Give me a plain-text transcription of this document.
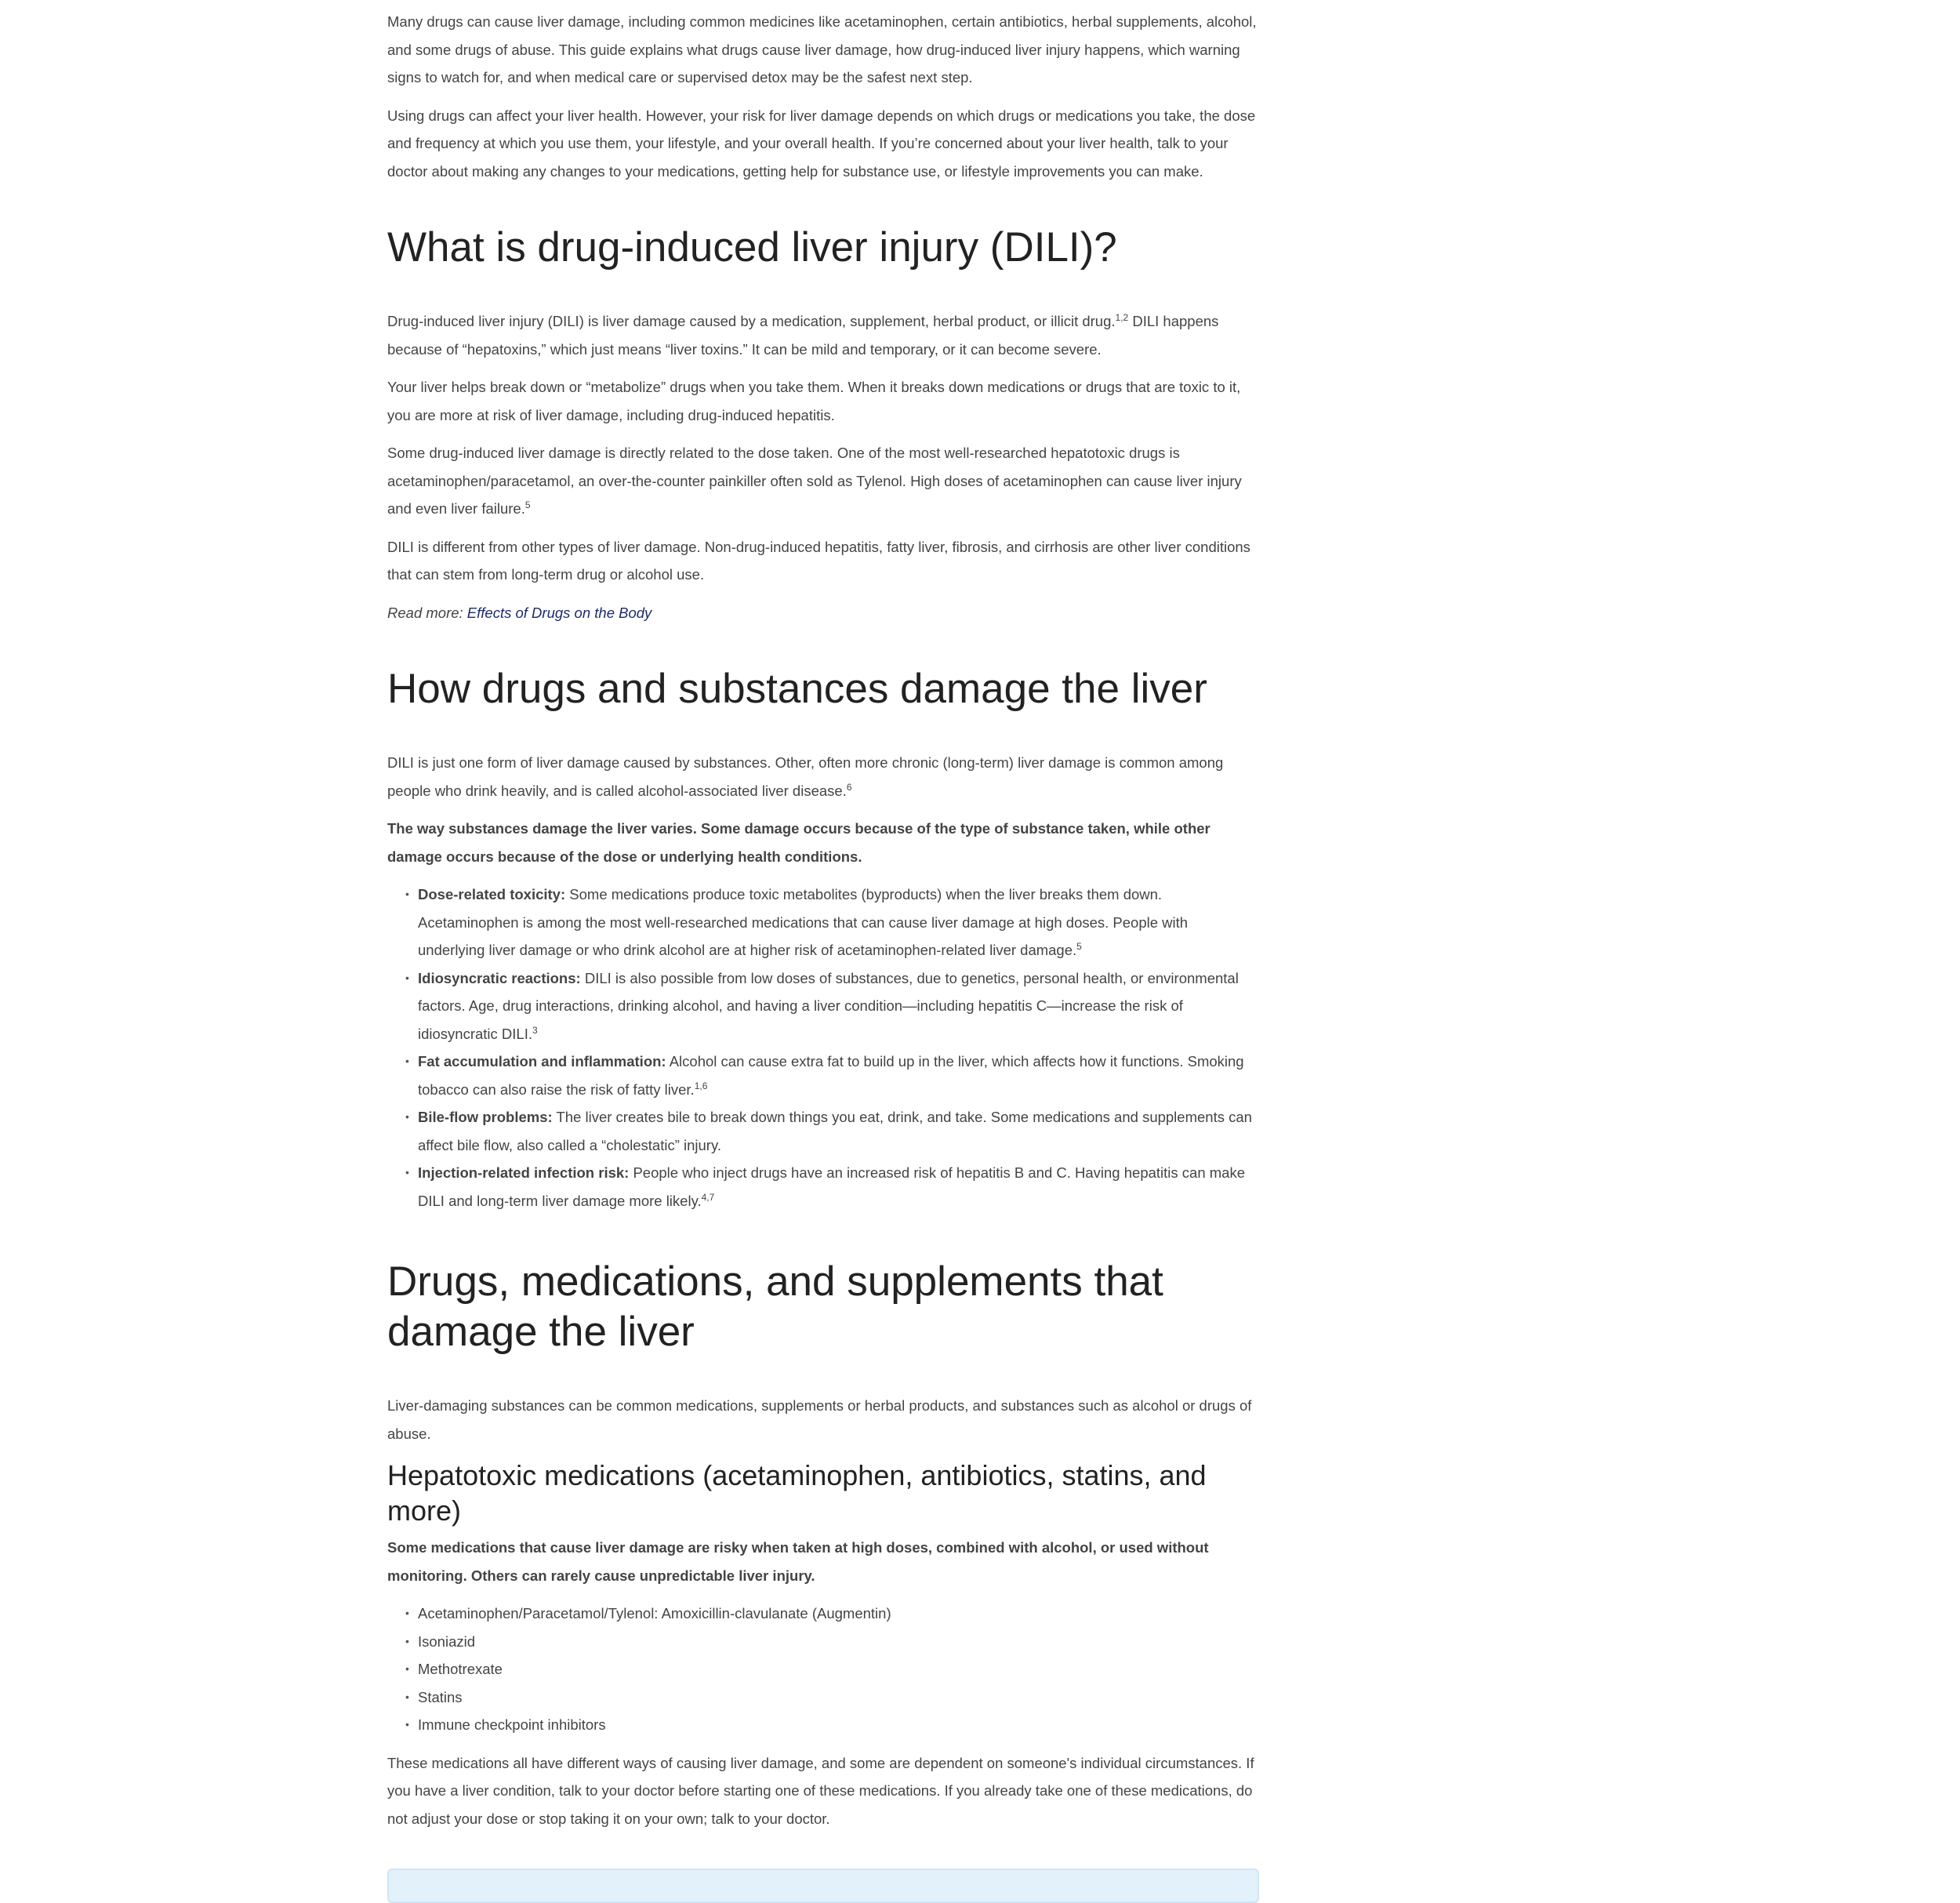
Many drugs can cause liver damage, including common medicines like acetaminophen, certain antibiotics, herbal supplements, alcohol, and some drugs of abuse. This guide explains what drugs cause liver damage, how drug-induced liver injury happens, which warning signs to watch for, and when medical care or supervised detox may be the safest next step.

Using drugs can affect your liver health. However, your risk for liver damage depends on which drugs or medications you take, the dose and frequency at which you use them, your lifestyle, and your overall health. If you’re concerned about your liver health, talk to your doctor about making any changes to your medications, getting help for substance use, or lifestyle improvements you can make.

What is drug-induced liver injury (DILI)?

Drug-induced liver injury (DILI) is liver damage caused by a medication, supplement, herbal product, or illicit drug.$^{1,2}$ DILI happens because of “hepatoxins,” which just means “liver toxins.” It can be mild and temporary, or it can become severe.

Your liver helps break down or “metabolize” drugs when you take them. When it breaks down medications or drugs that are toxic to it, you are more at risk of liver damage, including drug-induced hepatitis.

Some drug-induced liver damage is directly related to the dose taken. One of the most well-researched hepatotoxic drugs is acetaminophen/paracetamol, an over-the-counter painkiller often sold as Tylenol. High doses of acetaminophen can cause liver injury and even liver failure.$^5$

DILI is different from other types of liver damage. Non-drug-induced hepatitis, fatty liver, fibrosis, and cirrhosis are other liver conditions that can stem from long-term drug or alcohol use.

Read more: Effects of Drugs on the Body

How drugs and substances damage the liver

DILI is just one form of liver damage caused by substances. Other, often more chronic (long-term) liver damage is common among people who drink heavily, and is called alcohol-associated liver disease.$^6$

The way substances damage the liver varies. Some damage occurs because of the type of substance taken, while other damage occurs because of the dose or underlying health conditions.

• Dose-related toxicity: Some medications produce toxic metabolites (byproducts) when the liver breaks them down. Acetaminophen is among the most well-researched medications that can cause liver damage at high doses. People with underlying liver damage or who drink alcohol are at higher risk of acetaminophen-related liver damage.$^5$
• Idiosyncratic reactions: DILI is also possible from low doses of substances, due to genetics, personal health, or environmental factors. Age, drug interactions, drinking alcohol, and having a liver condition—including hepatitis C—increase the risk of idiosyncratic DILI.$^3$
• Fat accumulation and inflammation: Alcohol can cause extra fat to build up in the liver, which affects how it functions. Smoking tobacco can also raise the risk of fatty liver.$^{1,6}$
• Bile-flow problems: The liver creates bile to break down things you eat, drink, and take. Some medications and supplements can affect bile flow, also called a “cholestatic” injury.
• Injection-related infection risk: People who inject drugs have an increased risk of hepatitis B and C. Having hepatitis can make DILI and long-term liver damage more likely.$^{4,7}$
Drugs, medications, and supplements that damage the liver

Liver-damaging substances can be common medications, supplements or herbal products, and substances such as alcohol or drugs of abuse.

Hepatotoxic medications (acetaminophen, antibiotics, statins, and more)

Some medications that cause liver damage are risky when taken at high doses, combined with alcohol, or used without monitoring. Others can rarely cause unpredictable liver injury.

• Acetaminophen/Paracetamol/Tylenol: Amoxicillin-clavulanate (Augmentin)
• Isoniazid
• Methotrexate
• Statins
• Immune checkpoint inhibitors

These medications all have different ways of causing liver damage, and some are dependent on someone's individual circumstances. If you have a liver condition, talk to your doctor before starting one of these medications. If you already take one of these medications, do not adjust your dose or stop taking it on your own; talk to your doctor.
